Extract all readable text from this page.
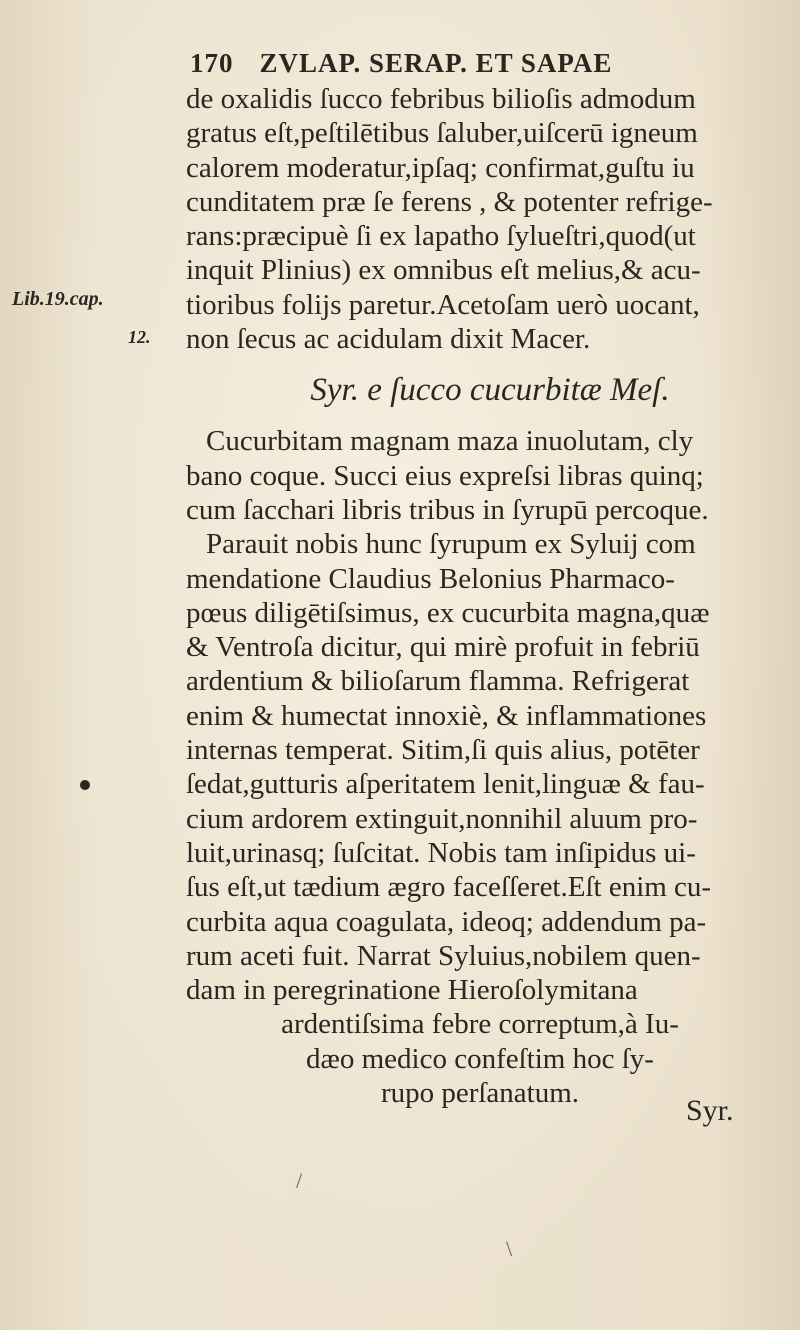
170 ZVLAP. SERAP. ET SAPAE
Lib.19.cap.
12.

de oxalidis ſucco febribus bilioſis admodum
gratus eſt,peſtilētibus ſaluber,uiſcerū igneum
calorem moderatur,ipſaq; confirmat,guſtu iu
cunditatem præ ſe ferens , & potenter refrige-
rans:præcipuè ſi ex lapatho ſylueſtri,quod(ut
inquit Plinius) ex omnibus eſt melius,& acu-
tioribus folijs paretur.Acetoſam uerò uocant,
non ſecus ac acidulam dixit Macer.

Syr. e ſucco cucurbitæ Meſ.

Cucurbitam magnam maza inuolutam, cly
bano coque. Succi eius expreſsi libras quinq;
cum ſacchari libris tribus in ſyrupū percoque.

Parauit nobis hunc ſyrupum ex Syluij com
mendatione Claudius Belonius Pharmaco-
pœus diligētiſsimus, ex cucurbita magna,quæ
& Ventroſa dicitur, qui mirè profuit in febriū
ardentium & bilioſarum flamma. Refrigerat
enim & humectat innoxiè, & inflammationes
internas temperat. Sitim,ſi quis alius, potēter
ſedat,gutturis aſperitatem lenit,linguæ & fau-
cium ardorem extinguit,nonnihil aluum pro-
luit,urinasq; ſuſcitat. Nobis tam inſipidus ui-
ſus eſt,ut tædium ægro faceſſeret.Eſt enim cu-
curbita aqua coagulata, ideoq; addendum pa-
rum aceti fuit. Narrat Syluius,nobilem quen-
dam in peregrinatione Hieroſolymitana
ardentiſsima febre correptum,à Iu-
dæo medico confeſtim hoc ſy-
rupo perſanatum.

Syr.
/
\
